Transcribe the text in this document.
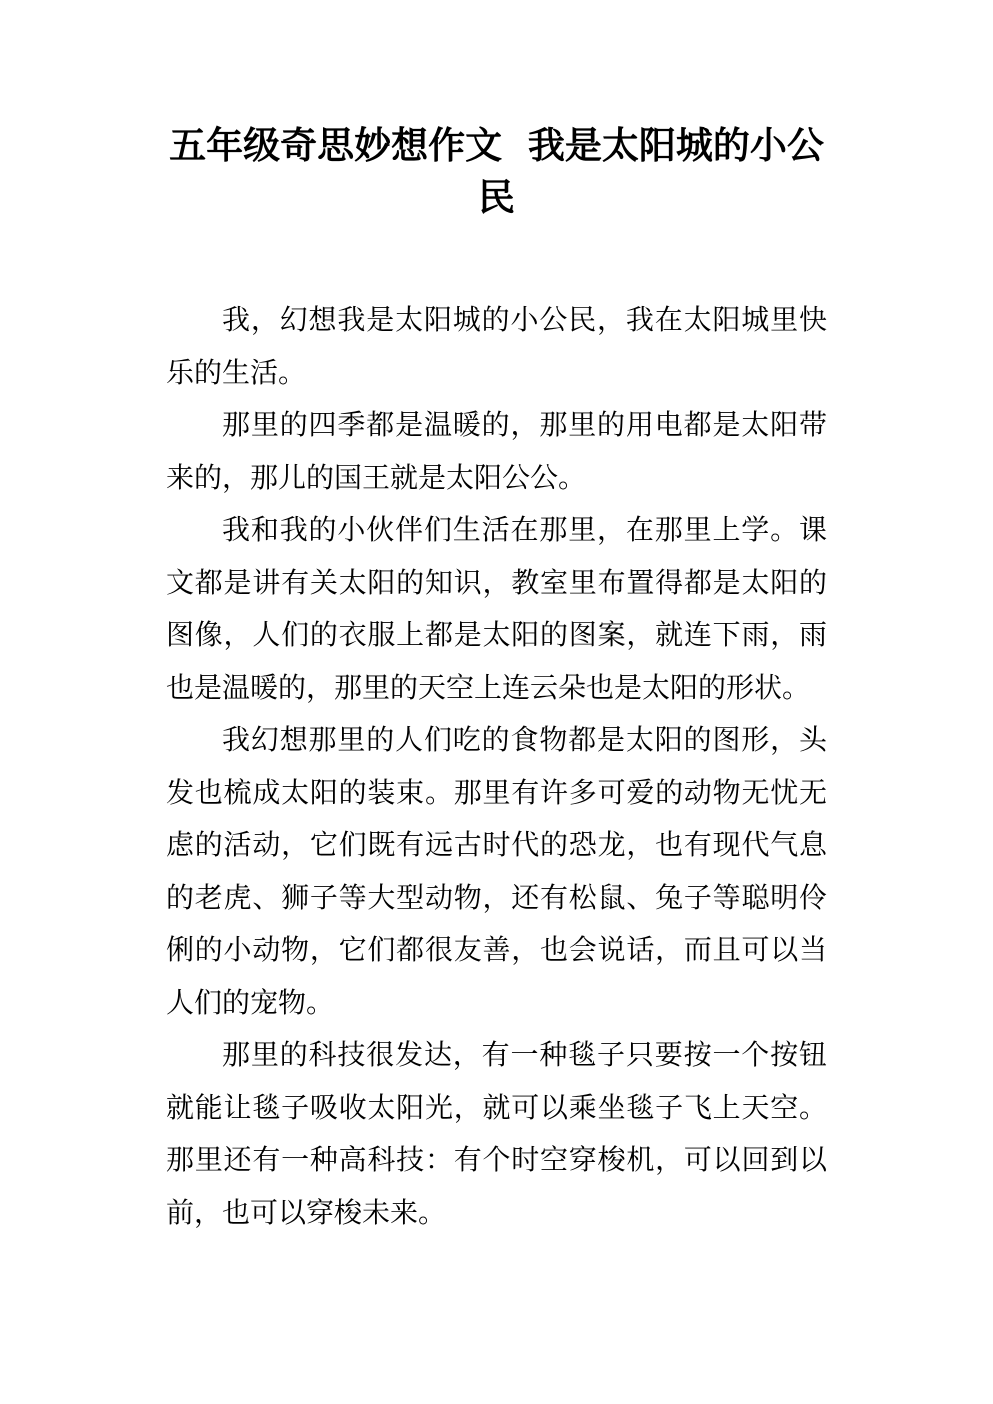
五年级奇思妙想作文  我是太阳城的小公民

我，幻想我是太阳城的小公民，我在太阳城里快乐的生活。

那里的四季都是温暖的，那里的用电都是太阳带来的，那儿的国王就是太阳公公。

我和我的小伙伴们生活在那里，在那里上学。课文都是讲有关太阳的知识，教室里布置得都是太阳的图像，人们的衣服上都是太阳的图案，就连下雨，雨也是温暖的，那里的天空上连云朵也是太阳的形状。

我幻想那里的人们吃的食物都是太阳的图形，头发也梳成太阳的装束。那里有许多可爱的动物无忧无虑的活动，它们既有远古时代的恐龙，也有现代气息的老虎、狮子等大型动物，还有松鼠、兔子等聪明伶俐的小动物，它们都很友善，也会说话，而且可以当人们的宠物。

那里的科技很发达，有一种毯子只要按一个按钮就能让毯子吸收太阳光，就可以乘坐毯子飞上天空。那里还有一种高科技：有个时空穿梭机，可以回到以前，也可以穿梭未来。
